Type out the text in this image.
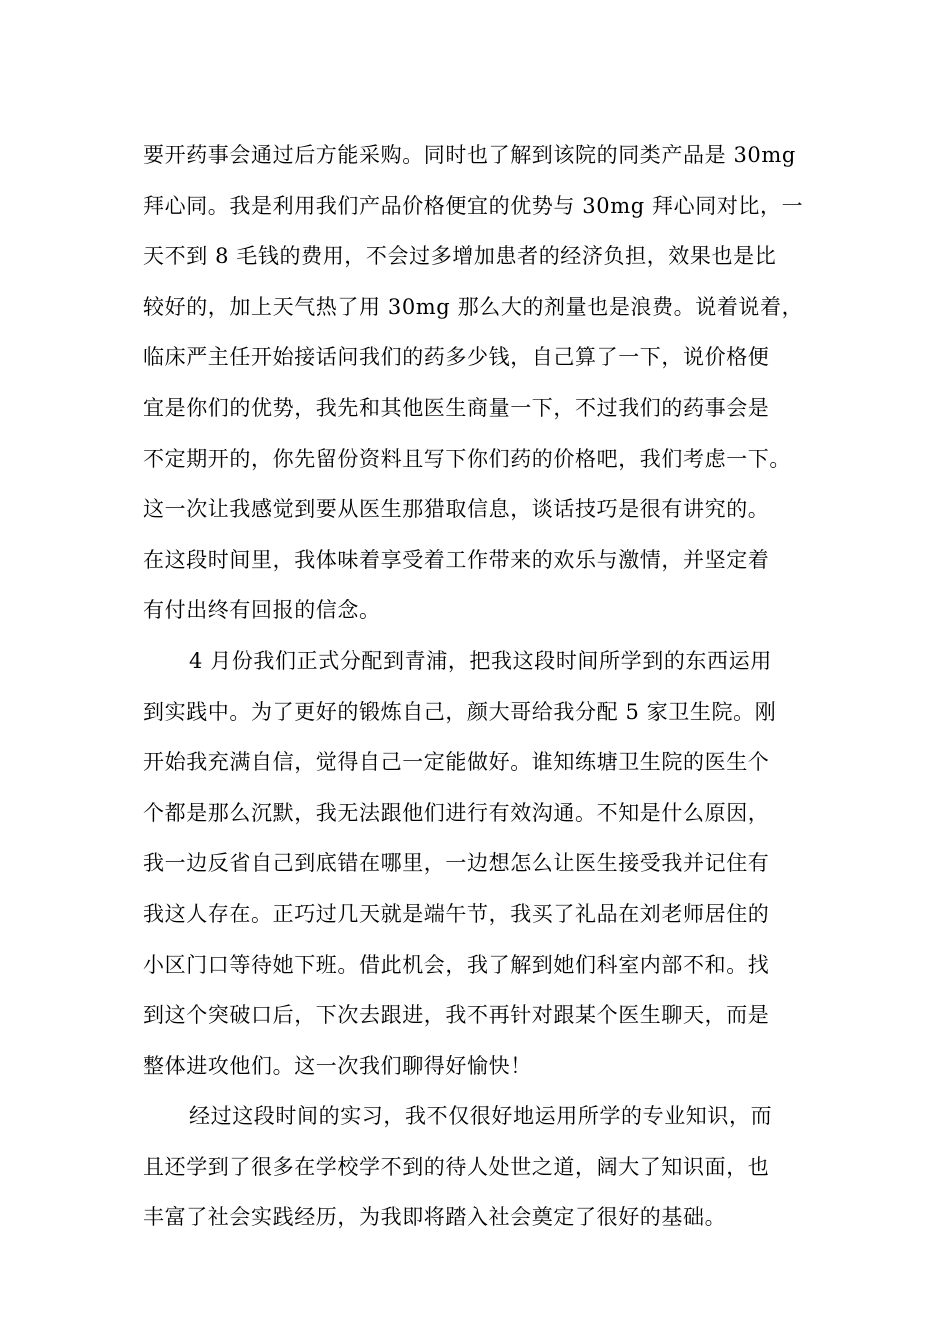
要开药事会通过后方能采购。同时也了解到该院的同类产品是 30mg
拜心同。我是利用我们产品价格便宜的优势与 30mg 拜心同对比，一
天不到 8 毛钱的费用，不会过多增加患者的经济负担，效果也是比
较好的，加上天气热了用 30mg 那么大的剂量也是浪费。说着说着，
临床严主任开始接话问我们的药多少钱，自己算了一下，说价格便
宜是你们的优势，我先和其他医生商量一下，不过我们的药事会是
不定期开的，你先留份资料且写下你们药的价格吧，我们考虑一下。
这一次让我感觉到要从医生那猎取信息，谈话技巧是很有讲究的。
在这段时间里，我体味着享受着工作带来的欢乐与激情，并坚定着
有付出终有回报的信念。
4 月份我们正式分配到青浦，把我这段时间所学到的东西运用
到实践中。为了更好的锻炼自己，颜大哥给我分配 5 家卫生院。刚
开始我充满自信，觉得自己一定能做好。谁知练塘卫生院的医生个
个都是那么沉默，我无法跟他们进行有效沟通。不知是什么原因，
我一边反省自己到底错在哪里，一边想怎么让医生接受我并记住有
我这人存在。正巧过几天就是端午节，我买了礼品在刘老师居住的
小区门口等待她下班。借此机会，我了解到她们科室内部不和。找
到这个突破口后，下次去跟进，我不再针对跟某个医生聊天，而是
整体进攻他们。这一次我们聊得好愉快！
经过这段时间的实习，我不仅很好地运用所学的专业知识，而
且还学到了很多在学校学不到的待人处世之道，阔大了知识面，也
丰富了社会实践经历，为我即将踏入社会奠定了很好的基础。
